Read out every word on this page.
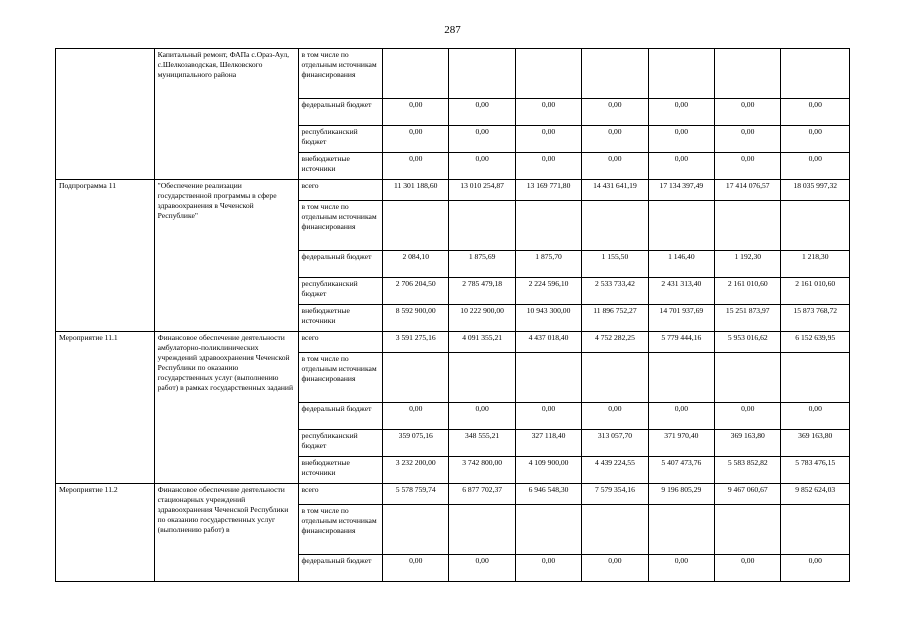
287
	Капитальный ремонт, ФАПа с.Ораз-Аул, с.Шелкозаводская, Шелковского муниципального района	в том числе по отдельным источникам финансирования							
		федеральный бюджет	0,00	0,00	0,00	0,00	0,00	0,00	0,00
		республиканский бюджет	0,00	0,00	0,00	0,00	0,00	0,00	0,00
		внебюджетные источники	0,00	0,00	0,00	0,00	0,00	0,00	0,00
Подпрограмма 11	"Обеспечение реализации государственной программы в сфере здравоохранения в Чеченской Республике"	всего	11 301 188,60	13 010 254,87	13 169 771,80	14 431 641,19	17 134 397,49	17 414 076,57	18 035 997,32
		в том числе по отдельным источникам финансирования							
		федеральный бюджет	2 084,10	1 875,69	1 875,70	1 155,50	1 146,40	1 192,30	1 218,30
		республиканский бюджет	2 706 204,50	2 785 479,18	2 224 596,10	2 533 733,42	2 431 313,40	2 161 010,60	2 161 010,60
		внебюджетные источники	8 592 900,00	10 222 900,00	10 943 300,00	11 896 752,27	14 701 937,69	15 251 873,97	15 873 768,72
Мероприятие 11.1	Финансовое обеспечение деятельности амбулаторно-поликлинических учреждений здравоохранения Чеченской Республики по оказанию государственных услуг (выполнению работ) в рамках государственных заданий	всего	3 591 275,16	4 091 355,21	4 437 018,40	4 752 282,25	5 779 444,16	5 953 016,62	6 152 639,95
		в том числе по отдельным источникам финансирования							
		федеральный бюджет	0,00	0,00	0,00	0,00	0,00	0,00	0,00
		республиканский бюджет	359 075,16	348 555,21	327 118,40	313 057,70	371 970,40	369 163,80	369 163,80
		внебюджетные источники	3 232 200,00	3 742 800,00	4 109 900,00	4 439 224,55	5 407 473,76	5 583 852,82	5 783 476,15
Мероприятие 11.2	Финансовое обеспечение деятельности стационарных учреждений здравоохранения Чеченской Республики по оказанию государственных услуг (выполнению работ) в	всего	5 578 759,74	6 877 702,37	6 946 548,30	7 579 354,16	9 196 805,29	9 467 060,67	9 852 624,03
		в том числе по отдельным источникам финансирования							
		федеральный бюджет	0,00	0,00	0,00	0,00	0,00	0,00	0,00
